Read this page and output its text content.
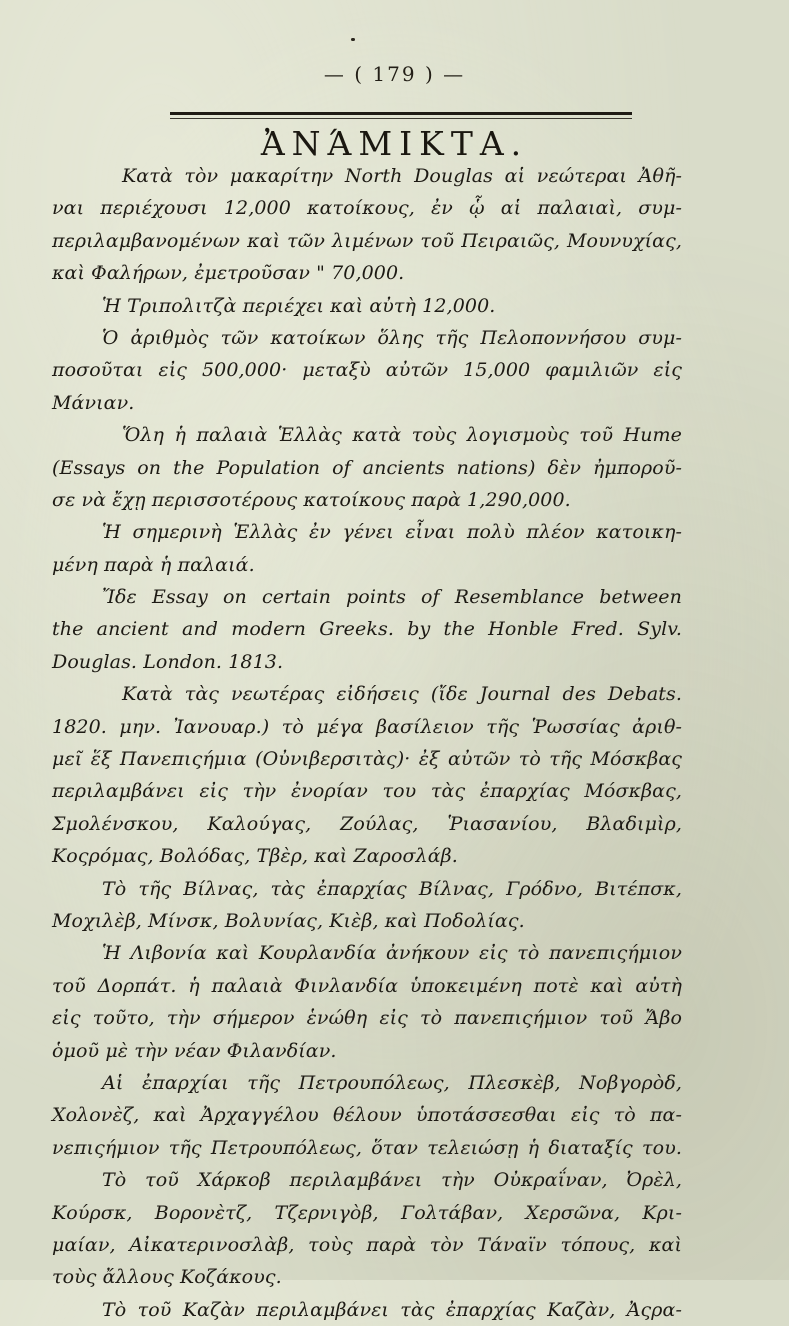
— ( 179 ) —
ἈΝΆΜΙΚΤΑ.
Κατὰ τὸν μακαρίτην North Douglas αἱ νεώτεραι Ἀθῆ-
ναι περιέχουσι 12,000 κατοίκους, ἐν ᾧ αἱ παλαιαὶ, συμ-
περιλαμβανομένων καὶ τῶν λιμένων τοῦ Πειραιῶς, Μουνυχίας,
καὶ Φαλήρων, ἐμετροῦσαν " 70,000.
Ἡ Τριπολιτζὰ περιέχει καὶ αὐτὴ 12,000.
Ὁ ἀριθμὸς τῶν κατοίκων ὅλης τῆς Πελοποννήσου συμ-
ποσοῦται εἰς 500,000· μεταξὺ αὐτῶν 15,000 φαμιλιῶν εἰς
Μάνιαν.
Ὅλη ἡ παλαιὰ Ἑλλὰς κατὰ τοὺς λογισμοὺς τοῦ Hume
(Essays on the Population of ancients nations) δὲν ἠμποροῦ-
σε νὰ ἔχῃ περισσοτέρους κατοίκους παρὰ 1,290,000.
Ἡ σημερινὴ Ἑλλὰς ἐν γένει εἶναι πολὺ πλέον κατοικη-
μένη παρὰ ἡ παλαιά.
Ἴδε Essay on certain points of Resemblance between
the ancient and modern Greeks. by the Honble Fred. Sylv.
Douglas. London. 1813.
Κατὰ τὰς νεωτέρας εἰδήσεις (ἴδε Journal des Debats.
1820. μην. Ἰανουαρ.) τὸ μέγα βασίλειον τῆς Ῥωσσίας ἀριθ-
μεῖ ἕξ Πανεπιςήμια (Οὐνιβερσιτὰς)· ἐξ αὐτῶν τὸ τῆς Μόσκβας
περιλαμβάνει εἰς τὴν ἐνορίαν του τὰς ἐπαρχίας Μόσκβας,
Σμολένσκου, Καλούγας, Ζούλας, Ῥιασανίου, Βλαδιμὶρ,
Κοςρόμας, Βολόδας, Τβὲρ, καὶ Ζαροσλάβ.
Τὸ τῆς Βίλνας, τὰς ἐπαρχίας Βίλνας, Γρόδνο, Βιτέπσκ,
Μοχιλὲβ, Μίνσκ, Βολυνίας, Κιὲβ, καὶ Ποδολίας.
Ἡ Λιβονία καὶ Κουρλανδία ἀνήκουν εἰς τὸ πανεπιςήμιον
τοῦ Δορπάτ. ἡ παλαιὰ Φινλανδία ὑποκειμένη ποτὲ καὶ αὐτὴ
εἰς τοῦτο, τὴν σήμερον ἑνώθη εἰς τὸ πανεπιςήμιον τοῦ Ἄβο
ὁμοῦ μὲ τὴν νέαν Φιλανδίαν.
Αἱ ἐπαρχίαι τῆς Πετρουπόλεως, Πλεσκὲβ, Νοβγορὸδ,
Χολονὲζ, καὶ Ἀρχαγγέλου θέλουν ὑποτάσσεσθαι εἰς τὸ πα-
νεπιςήμιον τῆς Πετρουπόλεως, ὅταν τελειώσῃ ἡ διαταξίς του.
Τὸ τοῦ Χάρκοβ περιλαμβάνει τὴν Οὐκραΐναν, Ὀρὲλ,
Κούρσκ, Βορονὲτζ, Τζερνιγὸβ, Γολτάβαν, Χερσῶνα, Κρι-
μαίαν, Αἰκατερινοσλὰβ, τοὺς παρὰ τὸν Τάναϊν τόπους, καὶ
τοὺς ἄλλους Κοζάκους.
Τὸ τοῦ Καζὰν περιλαμβάνει τὰς ἐπαρχίας Καζὰν, Ἀςρα-
